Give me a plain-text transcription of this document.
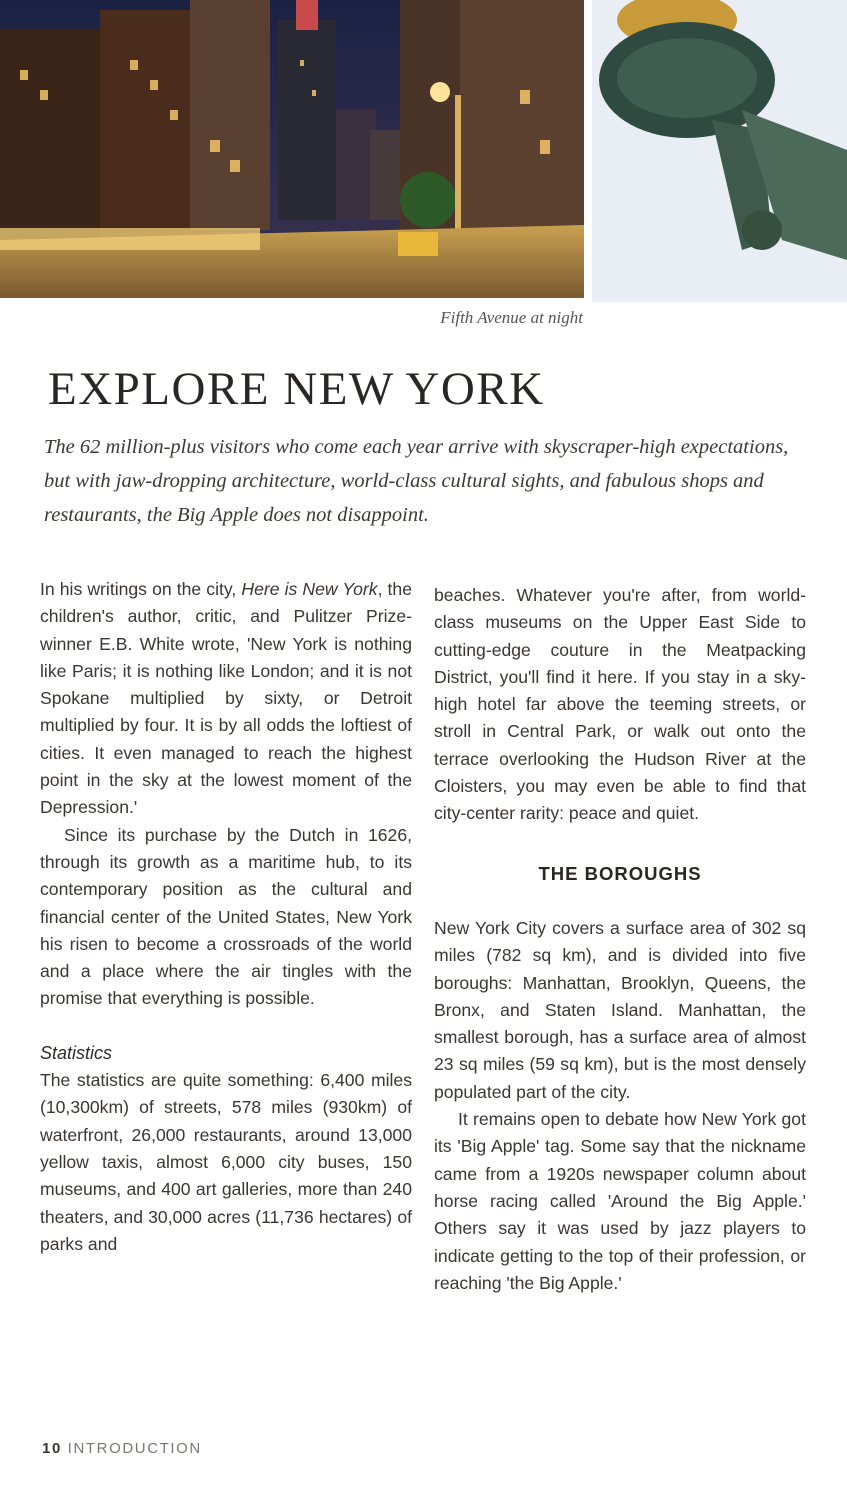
Fifth Avenue at night
EXPLORE NEW YORK

The 62 million-plus visitors who come each year arrive with skyscraper-high expectations, but with jaw-dropping architecture, world-class cultural sights, and fabulous shops and restaurants, the Big Apple does not disappoint.

In his writings on the city, Here is New York, the children's author, critic, and Pulitzer Prize-winner E.B. White wrote, 'New York is nothing like Paris; it is nothing like London; and it is not Spokane multiplied by sixty, or Detroit multiplied by four. It is by all odds the loftiest of cities. It even managed to reach the highest point in the sky at the lowest moment of the Depression.'

Since its purchase by the Dutch in 1626, through its growth as a maritime hub, to its contemporary position as the cultural and financial center of the United States, New York his risen to become a crossroads of the world and a place where the air tingles with the promise that everything is possible.

Statistics

The statistics are quite something: 6,400 miles (10,300km) of streets, 578 miles (930km) of waterfront, 26,000 restaurants, around 13,000 yellow taxis, almost 6,000 city buses, 150 museums, and 400 art galleries, more than 240 theaters, and 30,000 acres (11,736 hectares) of parks and

beaches. Whatever you're after, from world-class museums on the Upper East Side to cutting-edge couture in the Meatpacking District, you'll find it here. If you stay in a sky-high hotel far above the teeming streets, or stroll in Central Park, or walk out onto the terrace overlooking the Hudson River at the Cloisters, you may even be able to find that city-center rarity: peace and quiet.

THE BOROUGHS

New York City covers a surface area of 302 sq miles (782 sq km), and is divided into five boroughs: Manhattan, Brooklyn, Queens, the Bronx, and Staten Island. Manhattan, the smallest borough, has a surface area of almost 23 sq miles (59 sq km), but is the most densely populated part of the city.

It remains open to debate how New York got its 'Big Apple' tag. Some say that the nickname came from a 1920s newspaper column about horse racing called 'Around the Big Apple.' Others say it was used by jazz players to indicate getting to the top of their profession, or reaching 'the Big Apple.'

10 INTRODUCTION
